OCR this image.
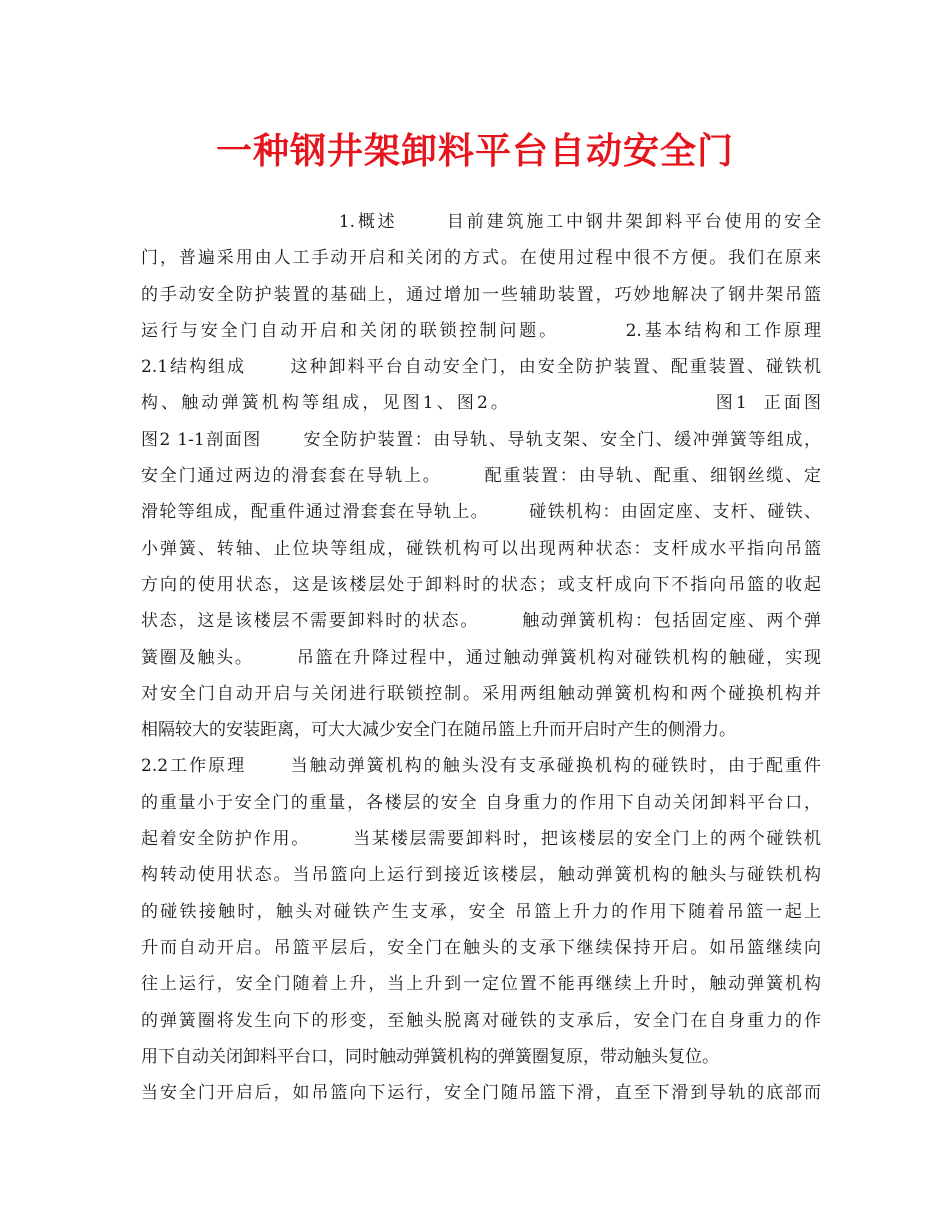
一种钢井架卸料平台自动安全门
1.概述      目前建筑施工中钢井架卸料平台使用的安全
门，普遍采用由人工手动开启和关闭的方式。在使用过程中很不方便。我们在原来
的手动安全防护装置的基础上，通过增加一些辅助装置，巧妙地解决了钢井架吊篮
运行与安全门自动开启和关闭的联锁控制问题。        2.基本结构和工作原理
2.1结构组成      这种卸料平台自动安全门，由安全防护装置、配重装置、碰铁机
构、触动弹簧机构等组成，见图1、图2。                        图1  正面图
图2 1-1剖面图      安全防护装置：由导轨、导轨支架、安全门、缓冲弹簧等组成，
安全门通过两边的滑套套在导轨上。      配重装置：由导轨、配重、细钢丝缆、定
滑轮等组成，配重件通过滑套套在导轨上。      碰铁机构：由固定座、支杆、碰铁、
小弹簧、转轴、止位块等组成，碰铁机构可以出现两种状态：支杆成水平指向吊篮
方向的使用状态，这是该楼层处于卸料时的状态；或支杆成向下不指向吊篮的收起
状态，这是该楼层不需要卸料时的状态。      触动弹簧机构：包括固定座、两个弹
簧圈及触头。      吊篮在升降过程中，通过触动弹簧机构对碰铁机构的触碰，实现
对安全门自动开启与关闭进行联锁控制。采用两组触动弹簧机构和两个碰换机构并
相隔较大的安装距离，可大大减少安全门在随吊篮上升而开启时产生的侧滑力。
2.2工作原理      当触动弹簧机构的触头没有支承碰换机构的碰铁时，由于配重件
的重量小于安全门的重量，各楼层的安全 自身重力的作用下自动关闭卸料平台口，
起着安全防护作用。      当某楼层需要卸料时，把该楼层的安全门上的两个碰铁机
构转动使用状态。当吊篮向上运行到接近该楼层，触动弹簧机构的触头与碰铁机构
的碰铁接触时，触头对碰铁产生支承，安全 吊篮上升力的作用下随着吊篮一起上
升而自动开启。吊篮平层后，安全门在触头的支承下继续保持开启。如吊篮继续向
往上运行，安全门随着上升，当上升到一定位置不能再继续上升时，触动弹簧机构
的弹簧圈将发生向下的形变，至触头脱离对碰铁的支承后，安全门在自身重力的作
用下自动关闭卸料平台口，同时触动弹簧机构的弹簧圈复原，带动触头复位。
当安全门开启后，如吊篮向下运行，安全门随吊篮下滑，直至下滑到导轨的底部而
